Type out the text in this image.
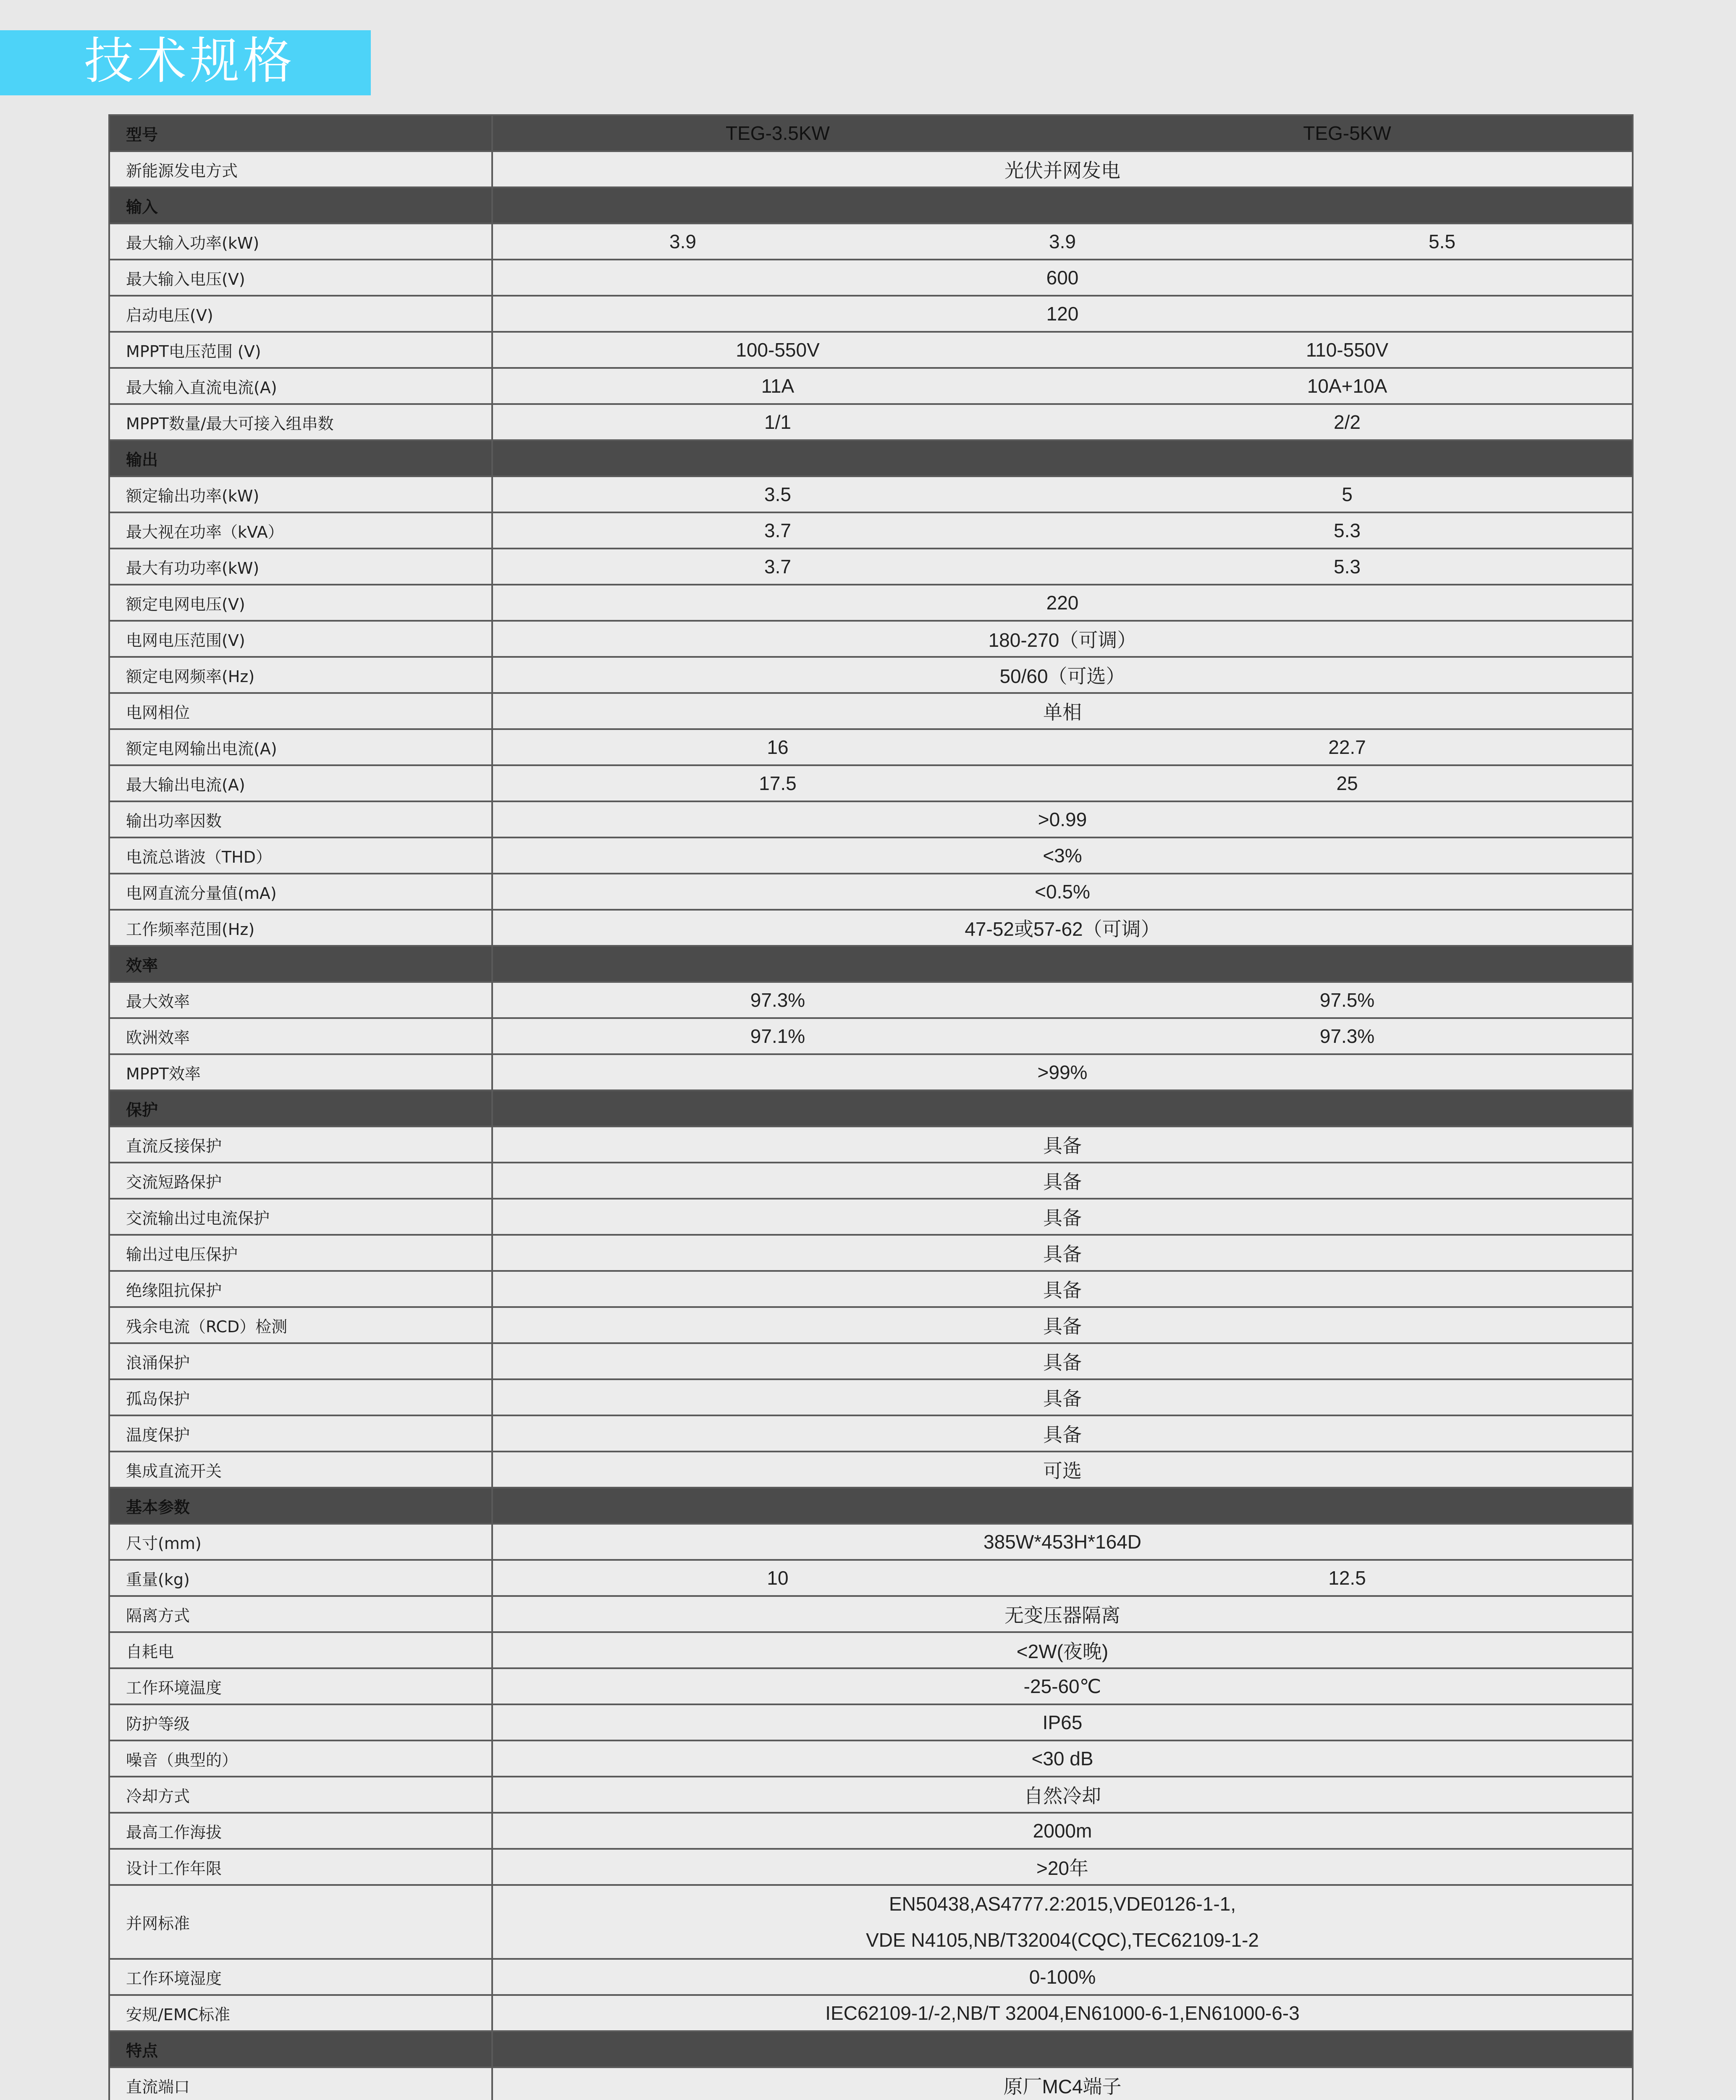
技术规格
型号	TEG-3.5KW TEG-5KW

新能源发电方式	光伏并网发电

输入	
最大输入功率(kW)	3.9 3.9 5.5

最大输入电压(V)	600

启动电压(V)	120

MPPT电压范围 (V)	100-550V 110-550V

最大输入直流电流(A)	11A 10A+10A

MPPT数量/最大可接入组串数	1/1 2/2

输出	
额定输出功率(kW)	3.5 5

最大视在功率（kVA）	3.7 5.3

最大有功功率(kW)	3.7 5.3

额定电网电压(V)	220

电网电压范围(V)	180-270（可调）

额定电网频率(Hz)	50/60（可选）

电网相位	单相

额定电网输出电流(A)	16 22.7

最大输出电流(A)	17.5 25

输出功率因数	>0.99

电流总谐波（THD）	<3%

电网直流分量值(mA)	<0.5%

工作频率范围(Hz)	47-52或57-62（可调）

效率	
最大效率	97.3% 97.5%

欧洲效率	97.1% 97.3%

MPPT效率	>99%

保护	
直流反接保护	具备

交流短路保护	具备

交流输出过电流保护	具备

输出过电压保护	具备

绝缘阻抗保护	具备

残余电流（RCD）检测	具备

浪涌保护	具备

孤岛保护	具备

温度保护	具备

集成直流开关	可选

基本参数	
尺寸(mm)	385W*453H*164D

重量(kg)	10 12.5

隔离方式	无变压器隔离

自耗电	<2W(夜晚)

工作环境温度	-25-60℃

防护等级	IP65

噪音（典型的）	<30 dB

冷却方式	自然冷却

最高工作海拔	2000m

设计工作年限	>20年

并网标准	EN50438,AS4777.2:2015,VDE0126-1-1,
VDE N4105,NB/T32004(CQC),TEC62109-1-2

工作环境湿度	0-100%

安规/EMC标准	IEC62109-1/-2,NB/T 32004,EN61000-6-1,EN61000-6-3

特点	
直流端口	原厂MC4端子
